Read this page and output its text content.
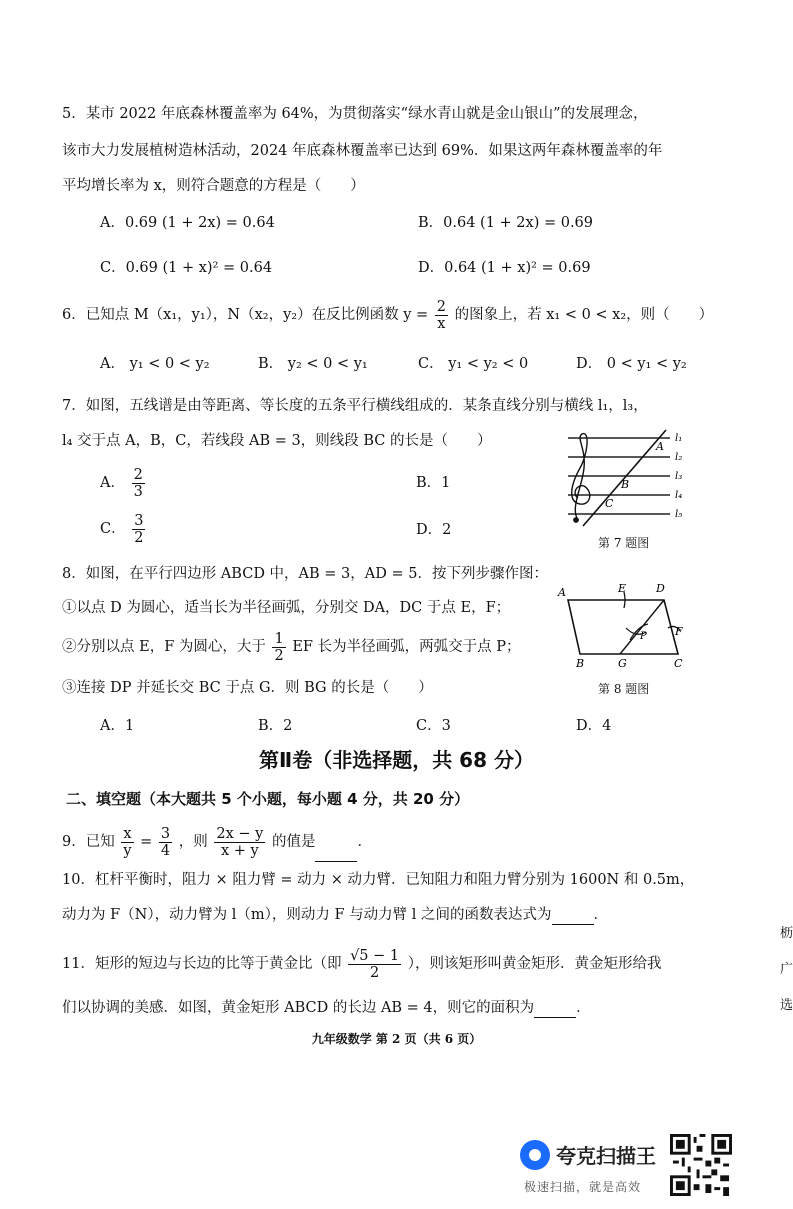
5．某市 2022 年底森林覆盖率为 64%，为贯彻落实“绿水青山就是金山银山”的发展理念，
该市大力发展植树造林活动，2024 年底森林覆盖率已达到 69%．如果这两年森林覆盖率的年
平均增长率为 x，则符合题意的方程是（　　）
A．0.69 (1 + 2x) = 0.64	B．0.64 (1 + 2x) = 0.69
C．0.69 (1 + x)² = 0.64	D．0.64 (1 + x)² = 0.69
6．已知点 M（x₁，y₁），N（x₂，y₂）在反比例函数 $y = \frac{2}{x}$ 的图象上，若 x₁ < 0 < x₂，则（　　）
A． y₁ < 0 < y₂	B． y₂ < 0 < y₁	C． y₁ < y₂ < 0	D． 0 < y₁ < y₂
7．如图，五线谱是由等距离、等长度的五条平行横线组成的．某条直线分别与横线 l₁，l₃，
l₄ 交于点 A，B，C，若线段 AB = 3，则线段 BC 的长是（　　）
A． $\frac{2}{3}$	B．1
C． $\frac{3}{2}$	D．2
A
B
C
l₁
l₂
l₃
l₄
l₅
第 7 题图
8．如图，在平行四边形 ABCD 中，AB = 3，AD = 5．按下列步骤作图：
①以点 D 为圆心，适当长为半径画弧，分别交 DA，DC 于点 E，F；
②分别以点 E，F 为圆心，大于 $\frac{1}{2}$ EF 长为半径画弧，两弧交于点 P；
③连接 DP 并延长交 BC 于点 G．则 BG 的长是（　　）
A．1	B．2	C．3	D．4
A	E	D
F
P
B	G	C
第 8 题图
第Ⅱ卷（非选择题，共 68 分）
二、填空题（本大题共 5 个小题，每小题 4 分，共 20 分）
9．已知 $\frac{x}{y} = \frac{3}{4}$ ，则 $\frac{2x - y}{x + y}$ 的值是	．
10．杠杆平衡时，阻力 × 阻力臂 = 动力 × 动力臂．已知阻力和阻力臂分别为 1600N 和 0.5m，
动力为 F（N），动力臂为 l（m），则动力 F 与动力臂 l 之间的函数表达式为	．
11．矩形的短边与长边的比等于黄金比（即 $\frac{√5 - 1}{2}$ ），则该矩形叫黄金矩形．黄金矩形给我
们以协调的美感．如图，黄金矩形 ABCD 的长边 AB = 4，则它的面积为	．
九年级数学 第 2 页（共 6 页）
枥
广
选
夸克扫描王
极速扫描，就是高效
